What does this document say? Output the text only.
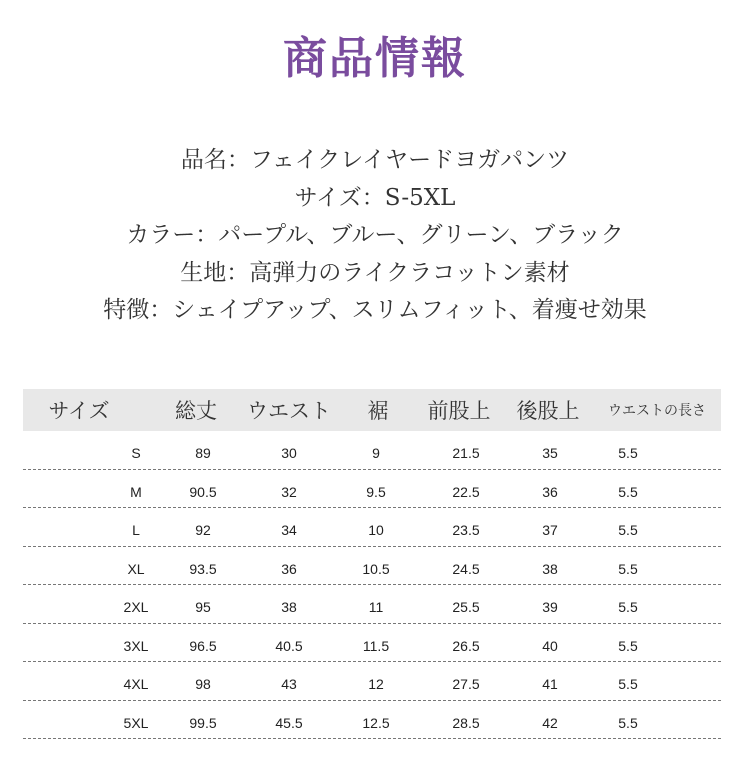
商品情報
品名：フェイクレイヤードヨガパンツ
サイズ：S-5XL
カラー：パープル、ブルー、グリーン、ブラック
生地：高弾力のライクラコットン素材
特徴：シェイプアップ、スリムフィット、着痩せ効果
サイズ	総丈	ウエスト	裾	前股上	後股上	ウエストの長さ
S	89	30	9	21.5	35	5.5
M	90.5	32	9.5	22.5	36	5.5
L	92	34	10	23.5	37	5.5
XL	93.5	36	10.5	24.5	38	5.5
2XL	95	38	11	25.5	39	5.5
3XL	96.5	40.5	11.5	26.5	40	5.5
4XL	98	43	12	27.5	41	5.5
5XL	99.5	45.5	12.5	28.5	42	5.5
